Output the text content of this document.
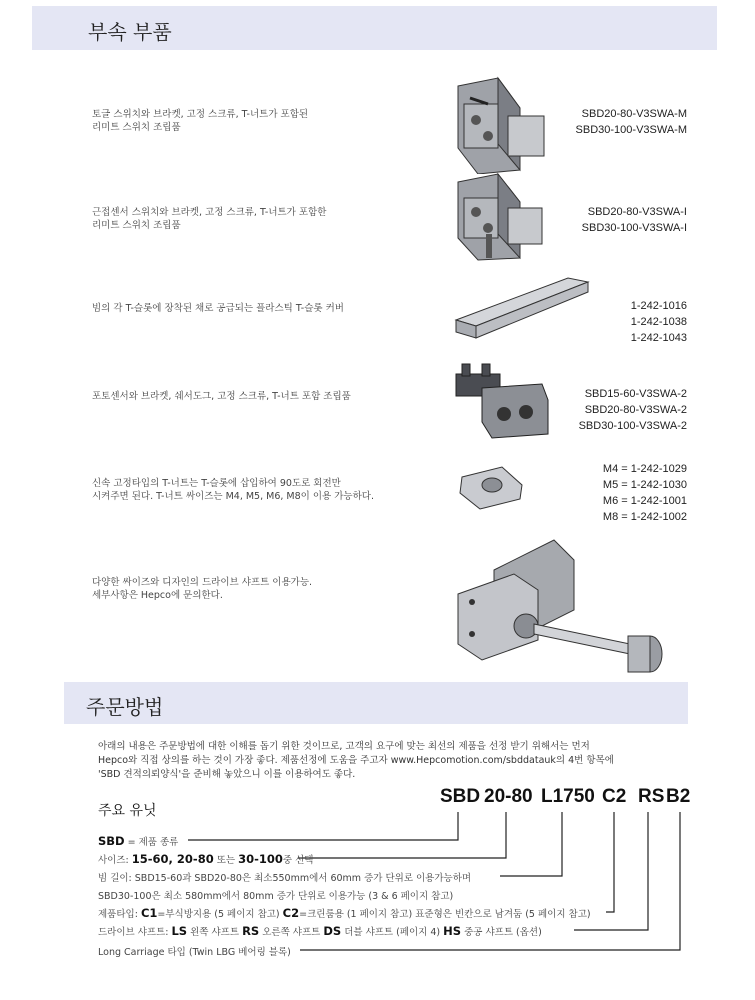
부속 부품
토글 스위치와 브라켓, 고정 스크류, T-너트가 포함된
리미트 스위치 조립품
SBD20-80-V3SWA-M
SBD30-100-V3SWA-M
근접센서 스위치와 브라켓, 고정 스크류, T-너트가 포함한
리미트 스위치 조립품
SBD20-80-V3SWA-I
SBD30-100-V3SWA-I
빔의 각 T-슬롯에 장착된 채로 공급되는 플라스틱 T-슬롯 커버	1-242-1016
1-242-1038
1-242-1043
포토센서와 브라켓, 쉐서도그, 고정 스크류, T-너트 포함 조립품	SBD15-60-V3SWA-2
SBD20-80-V3SWA-2
SBD30-100-V3SWA-2
신속 고정타입의 T-너트는 T-슬롯에 삽입하여 90도로 회전만
시켜주면 된다. T-너트 싸이즈는 M4, M5, M6, M8이 이용 가능하다.
M4 = 1-242-1029
M5 = 1-242-1030
M6 = 1-242-1001
M8 = 1-242-1002
다양한 싸이즈와 디자인의 드라이브 샤프트 이용가능.
세부사항은 Hepco에 문의한다.
주문방법
아래의 내용은 주문방법에 대한 이해를 돕기 위한 것이므로, 고객의 요구에 맞는 최선의 제품을 선정 받기 위해서는 먼저
Hepco와 직접 상의를 하는 것이 가장 좋다. 제품선정에 도움을 주고자 www.Hepcomotion.com/sbddatauk의 4번 항목에
'SBD 견적의뢰양식'을 준비해 놓았으니 이를 이용하여도 좋다.
주요 유닛
SBD 20-80 L1750 C2 RS B2
SBD = 제품 종류
사이즈: 15-60, 20-80 또는 30-100중 선택
빔 길이: SBD15-60과 SBD20-80은 최소550mm에서 60mm 증가 단위로 이용가능하며
SBD30-100은 최소 580mm에서 80mm 증가 단위로 이용가능 (3 & 6 페이지 참고)
제품타입: C1=부식방지용 (5 페이지 참고) C2=크린룸용 (1 페이지 참고) 표준형은 빈칸으로 남겨둠 (5 페이지 참고)
드라이브 샤프트: LS 왼쪽 샤프트 RS 오른쪽 샤프트 DS 더블 샤프트 (페이지 4) HS 중공 샤프트 (옵션)
Long Carriage 타입 (Twin LBG 베어링 블록)
